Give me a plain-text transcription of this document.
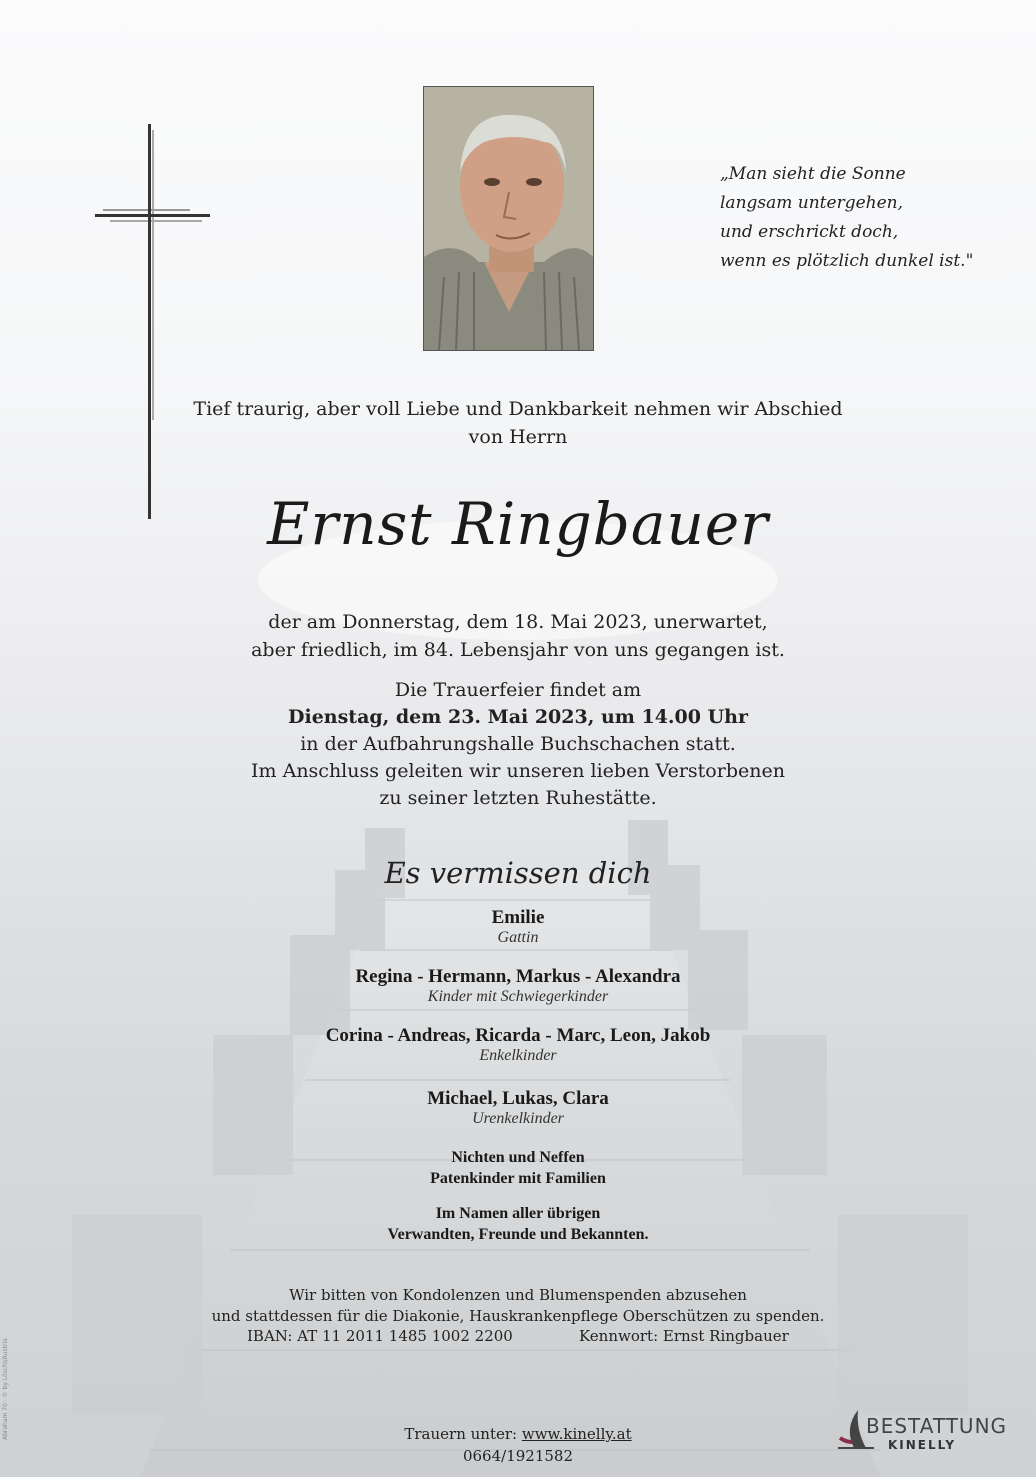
„Man sieht die Sonne
langsam untergehen,
und erschrickt doch,
wenn es plötzlich dunkel ist."
Tief traurig, aber voll Liebe und Dankbarkeit nehmen wir Abschied
von Herrn
Ernst Ringbauer
der am Donnerstag, dem 18. Mai 2023, unerwartet,
aber friedlich, im 84. Lebensjahr von uns gegangen ist.
Die Trauerfeier findet am
Dienstag, dem 23. Mai 2023, um 14.00 Uhr
in der Aufbahrungshalle Buchschachen statt.
Im Anschluss geleiten wir unseren lieben Verstorbenen
zu seiner letzten Ruhestätte.
Es vermissen dich
Emilie
Gattin
Regina - Hermann, Markus - Alexandra
Kinder mit Schwiegerkinder
Corina - Andreas, Ricarda - Marc, Leon, Jakob
Enkelkinder
Michael, Lukas, Clara
Urenkelkinder
Nichten und Neffen
Patenkinder mit Familien
Im Namen aller übrigen
Verwandten, Freunde und Bekannten.
Wir bitten von Kondolenzen und Blumenspenden abzusehen
und stattdessen für die Diakonie, Hauskrankenpflege Oberschützen zu spenden.
IBAN: AT 11 2011 1485 1002 2200	Kennwort: Ernst Ringbauer
Trauern unter: www.kinelly.at
0664/1921582
BESTATTUNG
KINELLY
Abraham 70 · © by Löschl/Austria
